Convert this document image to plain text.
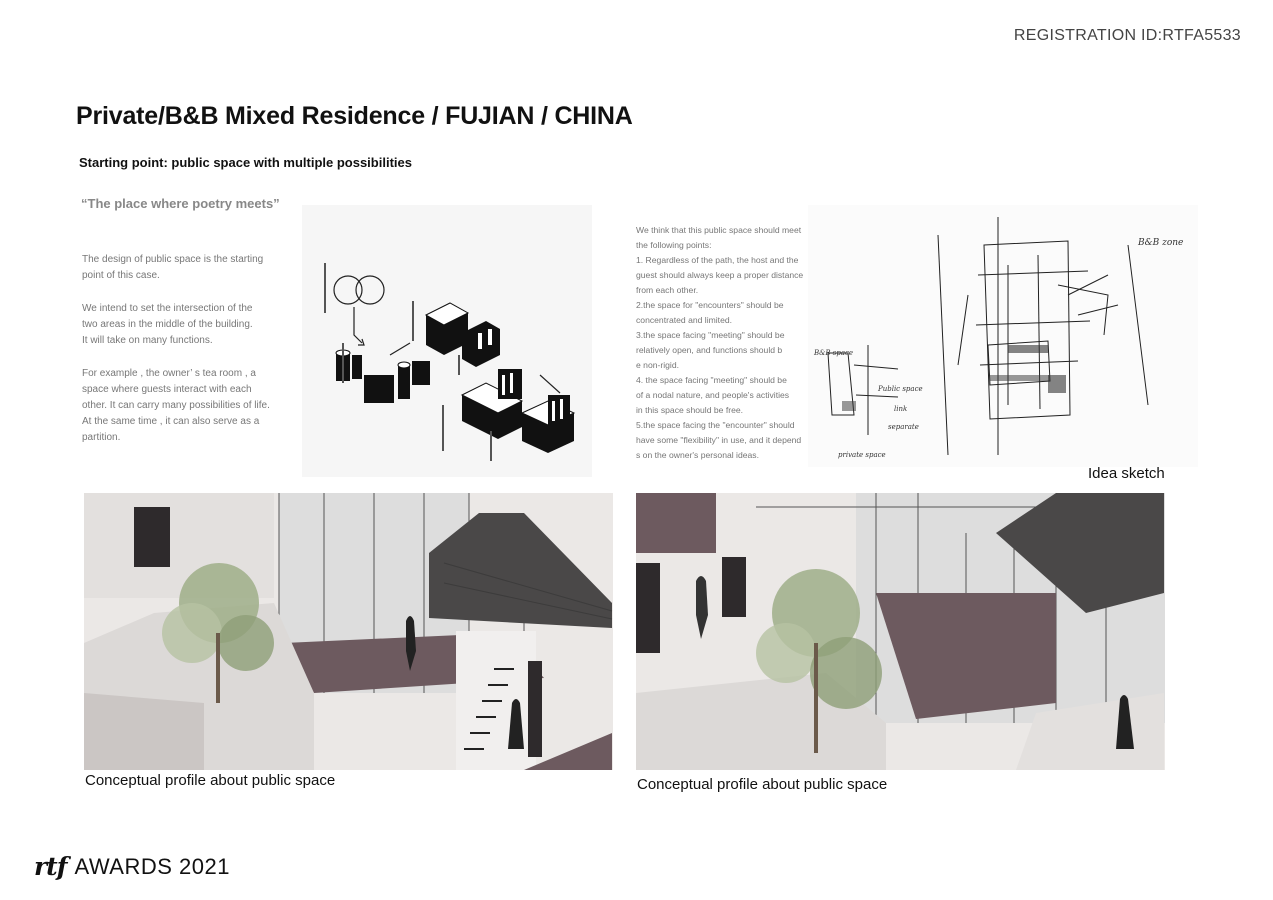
REGISTRATION ID:RTFA5533
Private/B&B Mixed Residence / FUJIAN / CHINA
Starting point: public space with multiple possibilities
“The place where poetry meets”
The design of public space is the starting
point of this case.
We intend to set the intersection of the
two areas in the middle of the building.
It will take on many functions.
For example , the owner’ s tea room , a
space where guests interact with each
other. It can carry many possibilities of life.
At the same time , it can also serve as a
partition.
We think that this public space should meet
the following points:
1. Regardless of the path, the host and the
guest should always keep a proper distance
from each other.
2.the space for "encounters" should be
concentrated and limited.
3.the space facing "meeting" should be
relatively open, and functions should b
e non-rigid.
4. the space facing "meeting" should be
of a nodal nature, and people's activities
in this space should be free.
5.the space facing the "encounter" should
have some "flexibility" in use, and it depend
s on the owner's personal ideas.
B&B zone
B&B space
Public space
link
separate
private space
Idea sketch
Conceptual profile about public space	Conceptual profile about public space
rtf AWARDS 2021
